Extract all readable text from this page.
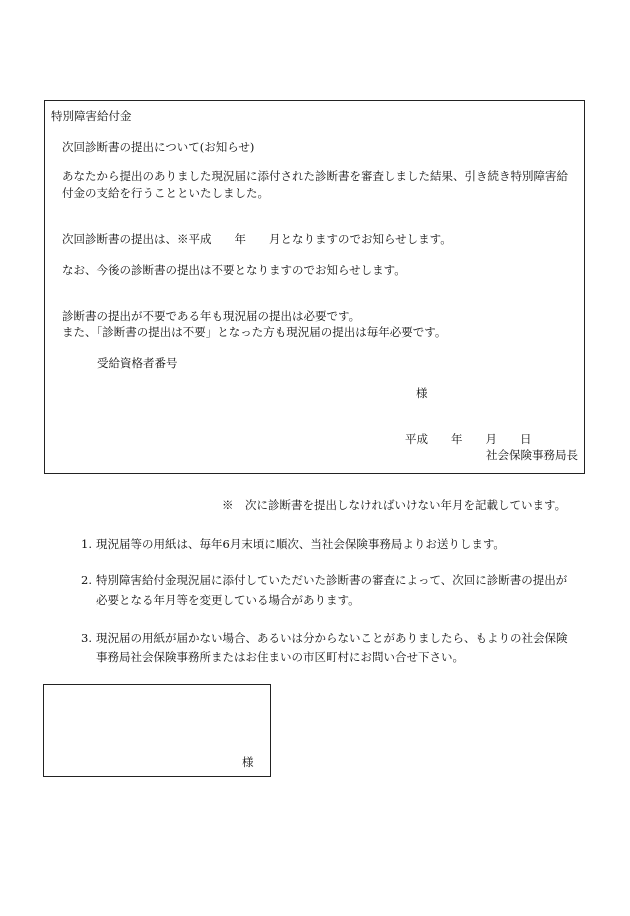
特別障害給付金
次回診断書の提出について(お知らせ)
あなたから提出のありました現況届に添付された診断書を審査しました結果、引き続き特別障害給
付金の支給を行うことといたしました。
次回診断書の提出は、※平成　　年　　月となりますのでお知らせします。
なお、今後の診断書の提出は不要となりますのでお知らせします。
診断書の提出が不要である年も現況届の提出は必要です。
また、「診断書の提出は不要」となった方も現況届の提出は毎年必要です。
受給資格者番号
様
平成　　年　　月　　日
社会保険事務局長
※　次に診断書を提出しなければいけない年月を記載しています。
1. 現況届等の用紙は、毎年6月末頃に順次、当社会保険事務局よりお送りします。
2. 特別障害給付金現況届に添付していただいた診断書の審査によって、次回に診断書の提出が
必要となる年月等を変更している場合があります。
3. 現況届の用紙が届かない場合、あるいは分からないことがありましたら、もよりの社会保険
事務局社会保険事務所またはお住まいの市区町村にお問い合せ下さい。
様
